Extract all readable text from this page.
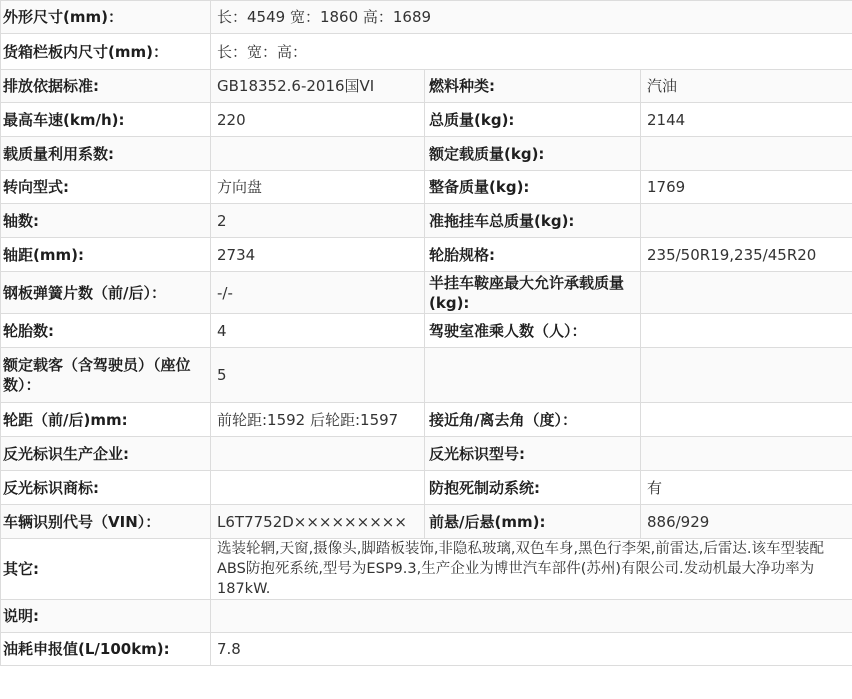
外形尺寸(mm)：	长：4549 宽：1860 高：1689		
货箱栏板内尺寸(mm)：	长：宽：高：		
排放依据标准:	GB18352.6-2016国VI	燃料种类:	汽油
最高车速(km/h):	220	总质量(kg):	2144
载质量利用系数:		额定载质量(kg):	
转向型式:	方向盘	整备质量(kg):	1769
轴数:	2	准拖挂车总质量(kg):	
轴距(mm):	2734	轮胎规格:	235/50R19,235/45R20
钢板弹簧片数（前/后）：	-/-	半挂车鞍座最大允许承载质量(kg):	
轮胎数:	4	驾驶室准乘人数（人）：	
额定载客（含驾驶员）（座位数）：	5		
轮距（前/后)mm:	前轮距:1592 后轮距:1597	接近角/离去角（度）：	
反光标识生产企业:		反光标识型号:	
反光标识商标:		防抱死制动系统:	有
车辆识别代号（VIN）：	L6T7752D×××××××××	前悬/后悬(mm):	886/929
其它:	选装轮辋,天窗,摄像头,脚踏板装饰,非隐私玻璃,双色车身,黑色行李架,前雷达,后雷达.该车型装配ABS防抱死系统,型号为ESP9.3,生产企业为博世汽车部件(苏州)有限公司.发动机最大净功率为187kW.		
说明:			
油耗申报值(L/100km):	7.8		
